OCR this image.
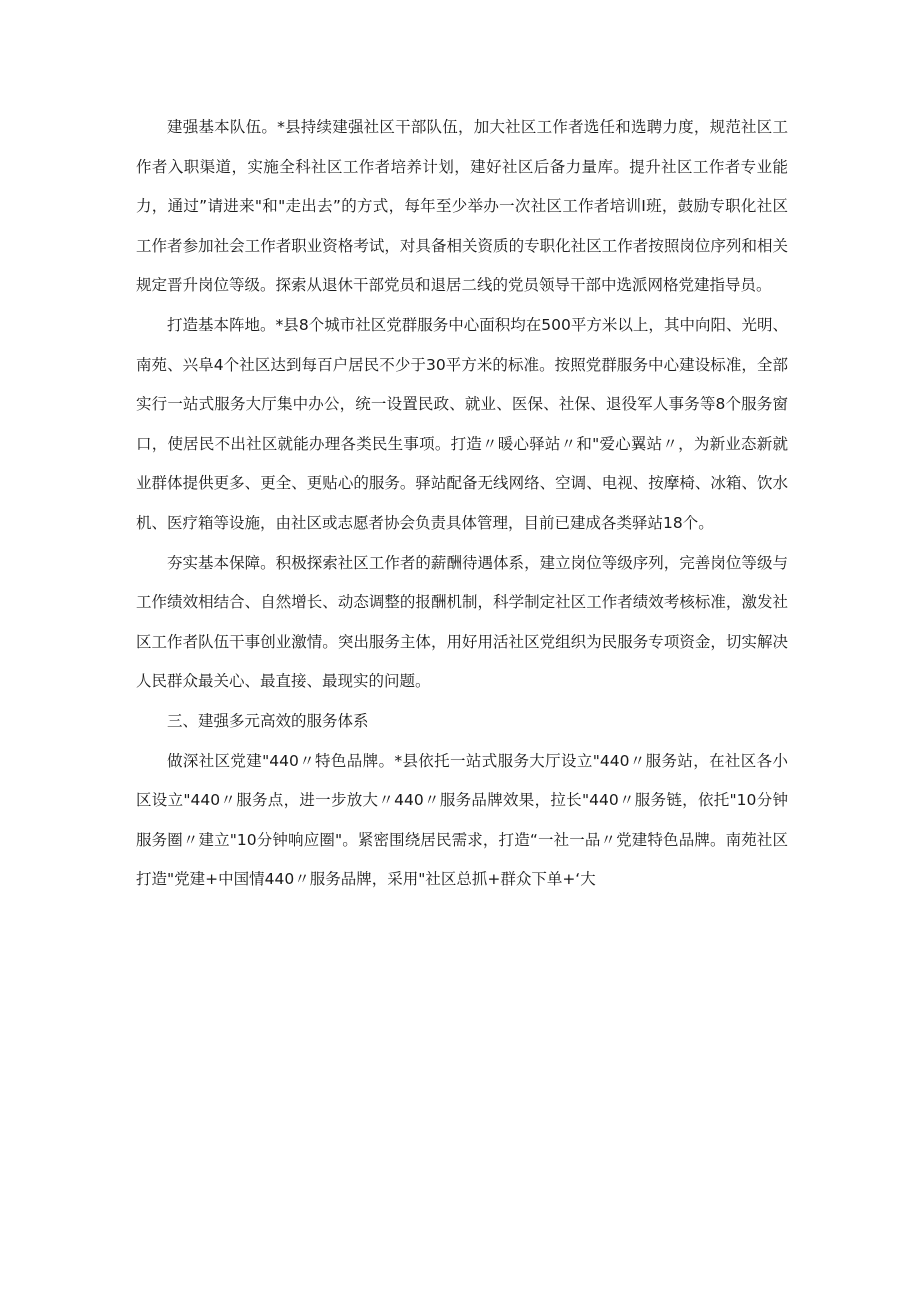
建强基本队伍。*县持续建强社区干部队伍，加大社区工作者选任和选聘力度，规范社区工作者入职渠道，实施全科社区工作者培养计划，建好社区后备力量库。提升社区工作者专业能力，通过”请进来"和"走出去”的方式，每年至少举办一次社区工作者培训I班，鼓励专职化社区工作者参加社会工作者职业资格考试，对具备相关资质的专职化社区工作者按照岗位序列和相关规定晋升岗位等级。探索从退休干部党员和退居二线的党员领导干部中选派网格党建指导员。

打造基本阵地。*县8个城市社区党群服务中心面积均在500平方米以上，其中向阳、光明、南苑、兴阜4个社区达到每百户居民不少于30平方米的标准。按照党群服务中心建设标准，全部实行一站式服务大厅集中办公，统一设置民政、就业、医保、社保、退役军人事务等8个服务窗口，使居民不出社区就能办理各类民生事项。打造〃暖心驿站〃和"爱心翼站〃，为新业态新就业群体提供更多、更全、更贴心的服务。驿站配备无线网络、空调、电视、按摩椅、冰箱、饮水机、医疗箱等设施，由社区或志愿者协会负责具体管理，目前已建成各类驿站18个。

夯实基本保障。积极探索社区工作者的薪酬待遇体系，建立岗位等级序列，完善岗位等级与工作绩效相结合、自然增长、动态调整的报酬机制，科学制定社区工作者绩效考核标准，激发社区工作者队伍干事创业激情。突出服务主体，用好用活社区党组织为民服务专项资金，切实解决人民群众最关心、最直接、最现实的问题。

三、建强多元高效的服务体系

做深社区党建"440〃特色品牌。*县依托一站式服务大厅设立"440〃服务站，在社区各小区设立"440〃服务点，进一步放大〃440〃服务品牌效果，拉长"440〃服务链，依托"10分钟服务圈〃建立"10分钟响应圈"。紧密围绕居民需求，打造“一社一品〃党建特色品牌。南苑社区打造"党建+中国情440〃服务品牌，采用"社区总抓+群众下单+‘大
